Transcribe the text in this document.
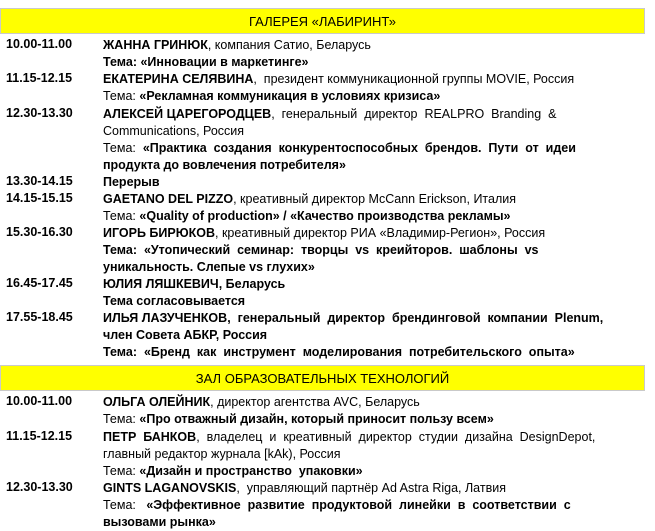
ГАЛЕРЕЯ «ЛАБИРИНТ»
10.00-11.00	ЖАННА ГРИНЮК, компания Сатио, Беларусь
Тема: «Инновации в маркетинге»
11.15-12.15	ЕКАТЕРИНА СЕЛЯВИНА,  президент коммуникационной группы MOVIE, Россия
Тема: «Рекламная коммуникация в условиях кризиса»
12.30-13.30	АЛЕКСЕЙ ЦАРЕГОРОДЦЕВ,  генеральный  директор  REALPRO  Branding  &
Communications, Россия
Тема:  «Практика  создания  конкурентоспособных  брендов.  Пути  от  идеи
продукта до вовлечения потребителя»
13.30-14.15	Перерыв
14.15-15.15	GAETANO DEL PIZZO, креативный директор McCann Erickson, Италия
Тема: «Quality of production» / «Качество производства рекламы»
15.30-16.30	ИГОРЬ БИРЮКОВ, креативный директор РИА «Владимир-Регион», Россия
Тема:  «Утопический  семинар:  творцы  vs  креийторов.  шаблоны  vs
уникальность. Слепые vs глухих»
16.45-17.45	ЮЛИЯ ЛЯШКЕВИЧ, Беларусь
Тема согласовывается
17.55-18.45	ИЛЬЯ ЛАЗУЧЕНКОВ,  генеральный  директор  брендинговой  компании  Plenum,
член Совета АБКР, Россия
Тема:  «Бренд  как  инструмент  моделирования  потребительского  опыта»
ЗАЛ ОБРАЗОВАТЕЛЬНЫХ ТЕХНОЛОГИЙ
10.00-11.00	ОЛЬГА ОЛЕЙНИК, директор агентства AVC, Беларусь
Тема: «Про отважный дизайн, который приносит пользу всем»
11.15-12.15	ПЕТР  БАНКОВ,  владелец  и  креативный  директор  студии  дизайна  DesignDepot,
главный редактор журнала [kAk), Россия
Тема: «Дизайн и пространство  упаковки»
12.30-13.30	GINTS LAGANOVSKIS,  управляющий партнёр Ad Astra Riga, Латвия
Тема:   «Эффективное  развитие  продуктовой  линейки  в  соответствии  с
вызовами рынка»
